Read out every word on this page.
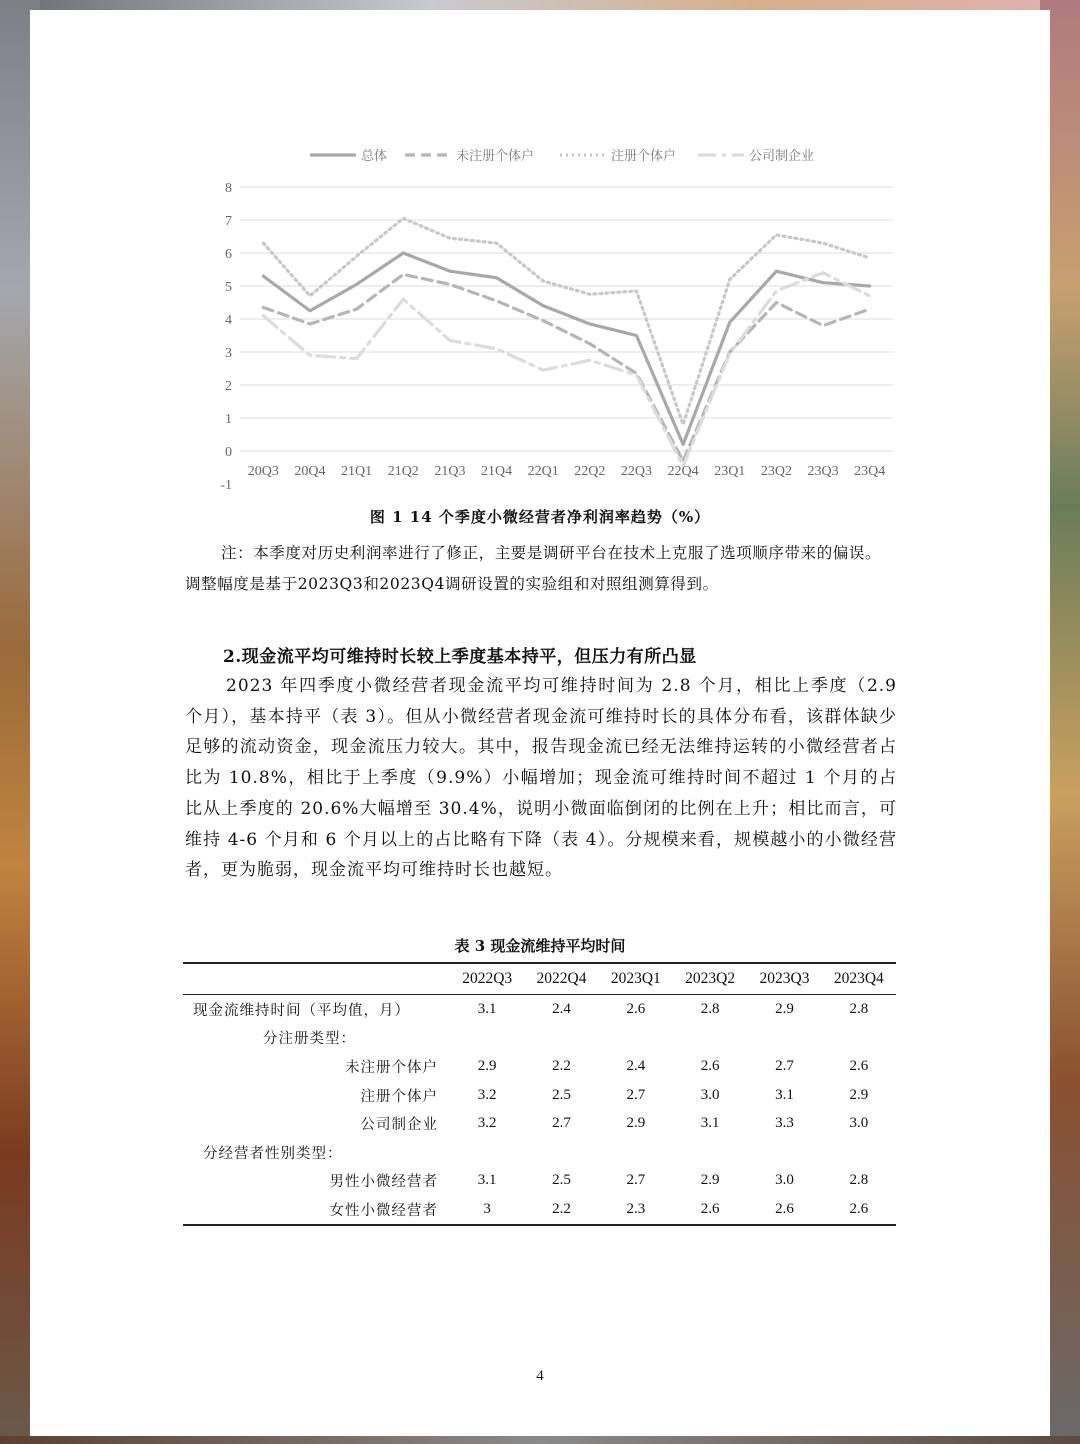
总体	未注册个体户	注册个体户	公司制企业
-1
0
1
2
3
4
5
6
7
8
20Q3 20Q4 21Q1 21Q2 21Q3 21Q4 22Q1 22Q2 22Q3 22Q4 23Q1 23Q2 23Q3 23Q4
图 1 14 个季度小微经营者净利润率趋势（%）

注：本季度对历史利润率进行了修正，主要是调研平台在技术上克服了选项顺序带来的偏误。调整幅度是基于2023Q3和2023Q4调研设置的实验组和对照组测算得到。

2.现金流平均可维持时长较上季度基本持平，但压力有所凸显

2023 年四季度小微经营者现金流平均可维持时间为 2.8 个月，相比上季度（2.9 个月），基本持平（表 3）。但从小微经营者现金流可维持时长的具体分布看，该群体缺少足够的流动资金，现金流压力较大。其中，报告现金流已经无法维持运转的小微经营者占比为 10.8%，相比于上季度（9.9%）小幅增加；现金流可维持时间不超过 1 个月的占比从上季度的 20.6%大幅增至 30.4%，说明小微面临倒闭的比例在上升；相比而言，可维持 4-6 个月和 6 个月以上的占比略有下降（表 4）。分规模来看，规模越小的小微经营者，更为脆弱，现金流平均可维持时长也越短。

表 3 现金流维持平均时间
	2022Q3	2022Q4	2023Q1	2023Q2	2023Q3	2023Q4
现金流维持时间（平均值，月）	3.1	2.4	2.6	2.8	2.9	2.8
分注册类型：						
未注册个体户	2.9	2.2	2.4	2.6	2.7	2.6
注册个体户	3.2	2.5	2.7	3.0	3.1	2.9
公司制企业	3.2	2.7	2.9	3.1	3.3	3.0
分经营者性别类型：						
男性小微经营者	3.1	2.5	2.7	2.9	3.0	2.8
女性小微经营者	3	2.2	2.3	2.6	2.6	2.6
4
